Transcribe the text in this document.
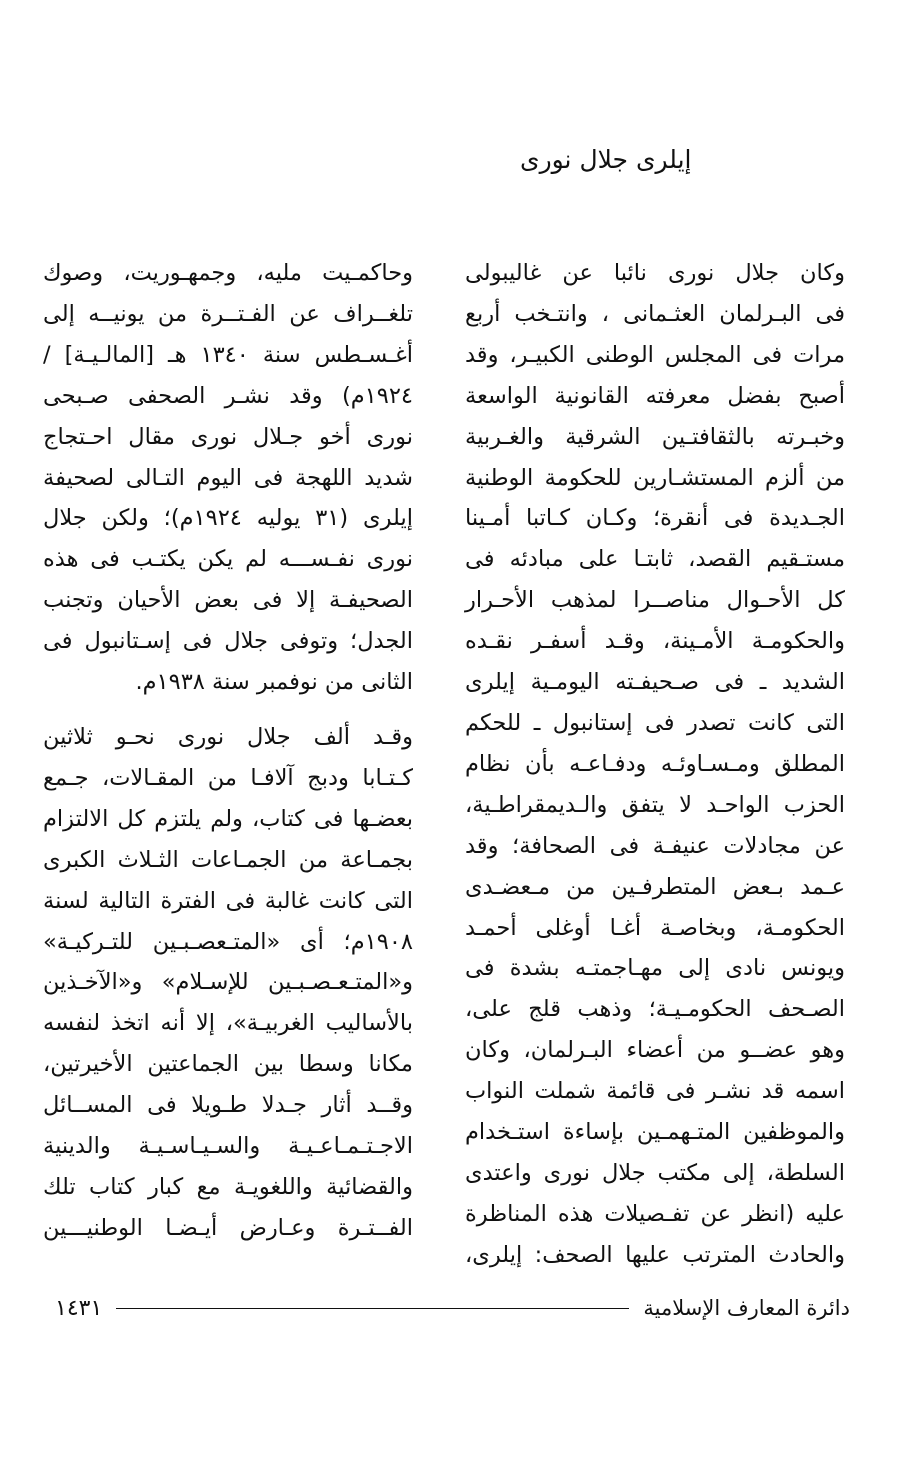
إيلرى جلال نورى
وكان جلال نورى نائبا عن غاليبولى
فى البـرلمان العثـمانى ، وانتـخب أربع
مرات فى المجلس الوطنى الكبيـر، وقد
أصبح بفضل معرفته القانونية الواسعة
وخبـرته بالثقافتـين الشرقية والغـربية
من ألزم المستشـارين للحكومة الوطنية
الجـديدة فى أنقرة؛ وكـان كـاتبا أمـينا
مستـقيم القصد، ثابتـا على مبادئه فى
كل الأحـوال مناصــرا لمذهب الأحـرار
والحكومـة الأمـينة، وقـد أسفـر نقـده
الشديد ـ فى صـحيفـته اليومـية إيلرى
التى كانت تصدر فى إستانبول ـ للحكم
المطلق ومـسـاوئـه ودفـاعـه بأن نظام
الحزب الواحـد لا يتفق والـديمقراطـية،
عن مجادلات عنيفـة فى الصحافة؛ وقد
عـمد بـعض المتطرفـين من مـعضـدى
الحكومـة، وبخاصـة أغـا أوغلى أحمـد
ويونس نادى إلى مهـاجمتـه بشدة فى
الصـحف الحكومـيـة؛ وذهب قلج على،
وهو عضــو من أعضاء البـرلمان، وكان
اسمه قد نشـر فى قائمة شملت النواب
والموظفين المتـهمـين بإساءة استـخدام
السلطة، إلى مكتب جلال نورى واعتدى
عليه (انظر عن تفـصيلات هذه المناظرة
والحادث المترتب عليها الصحف: إيلرى،
وحاكمـيت مليه، وجمهـوريت، وصوك
تلغــراف عن الفـتــرة من يونيــه إلى
أغـسـطس سنة ١٣٤٠ هـ [المالـيـة] /
١٩٢٤م) وقد نشـر الصحفى صـبحى
نورى أخو جـلال نورى مقال احـتجاج
شديد اللهجة فى اليوم التـالى لصحيفة
إيلرى (٣١ يوليه ١٩٢٤م)؛ ولكن جلال
نورى نفـســـه لم يكن يكتـب فى هذه
الصحيفـة إلا فى بعض الأحيان وتجنب
الجدل؛ وتوفى جلال فى إسـتانبول فى
الثانى من نوفمبر سنة ١٩٣٨م.
وقـد ألف جلال نورى نحـو ثلاثين
كـتـابا ودبج آلافـا من المقـالات، جـمع
بعضـها فى كتاب، ولم يلتزم كل الالتزام
بجمـاعة من الجمـاعات الثـلاث الكبرى
التى كانت غالبة فى الفترة التالية لسنة
١٩٠٨م؛ أى «المتـعصـبـين للتـركيـة»
و«المتـعـصـبـين للإسـلام» و«الآخـذين
بالأساليب الغربيـة»، إلا أنه اتخذ لنفسه
مكانا وسطا بين الجماعتين الأخيرتين،
وقــد أثار جـدلا طـويلا فى المســائل
الاجـتـمـاعـيـة والسـيـاسـيـة والدينية
والقضائية واللغويـة مع كبار كتاب تلك
الفــتـرة وعـارض أيـضـا الوطنيـــين
دائرة المعارف الإسلامية
١٤٣١
